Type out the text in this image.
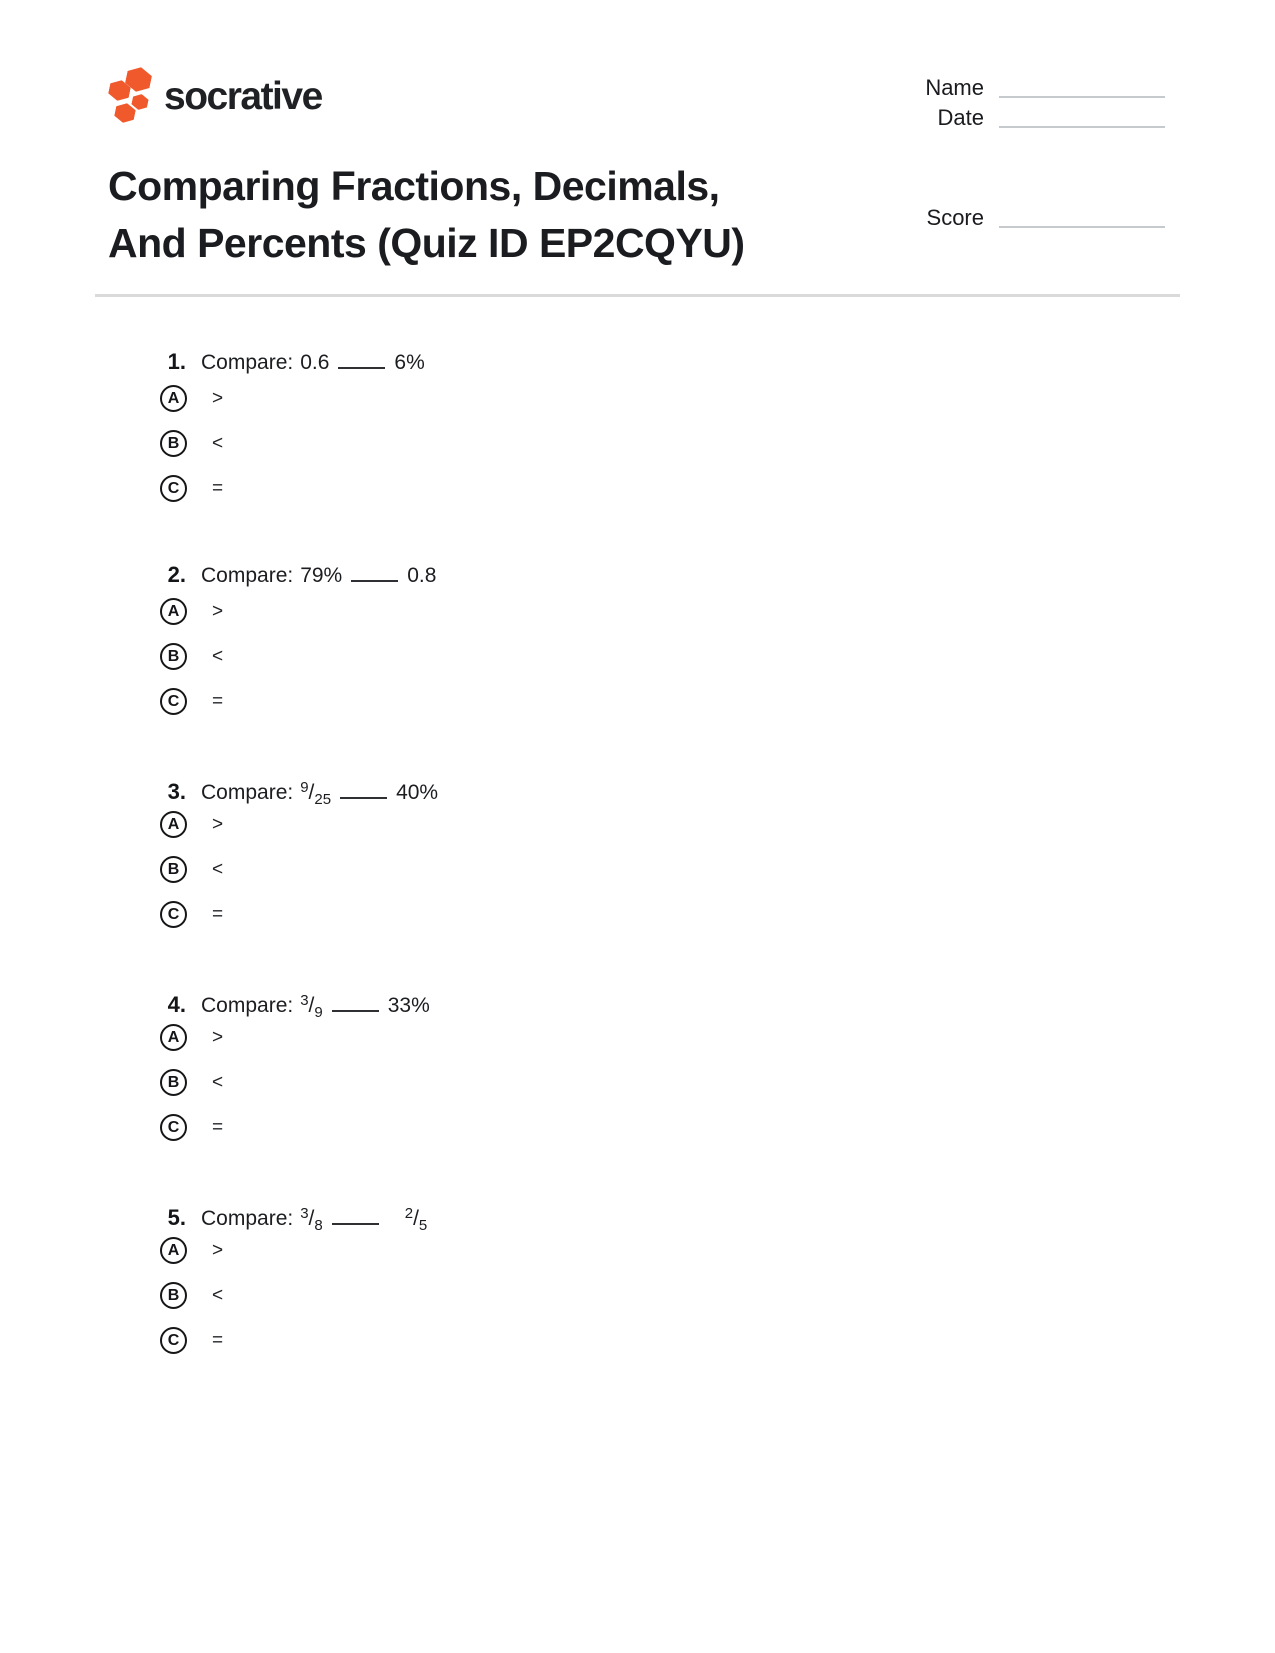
socrative	Name
Date
Comparing Fractions, Decimals,
And Percents (Quiz ID EP2CQYU)
Score
1. Compare: 0.6	6%
A >
B <
C =
2. Compare: 79%	0.8
A >
B <
C =
3. Compare: $^9/_{25}$	40%
A >
B <
C =
4. Compare: $^3/_9$	33%
A >
B <
C =
5. Compare: $^3/_8^2/_5$
A >
B <
C =
